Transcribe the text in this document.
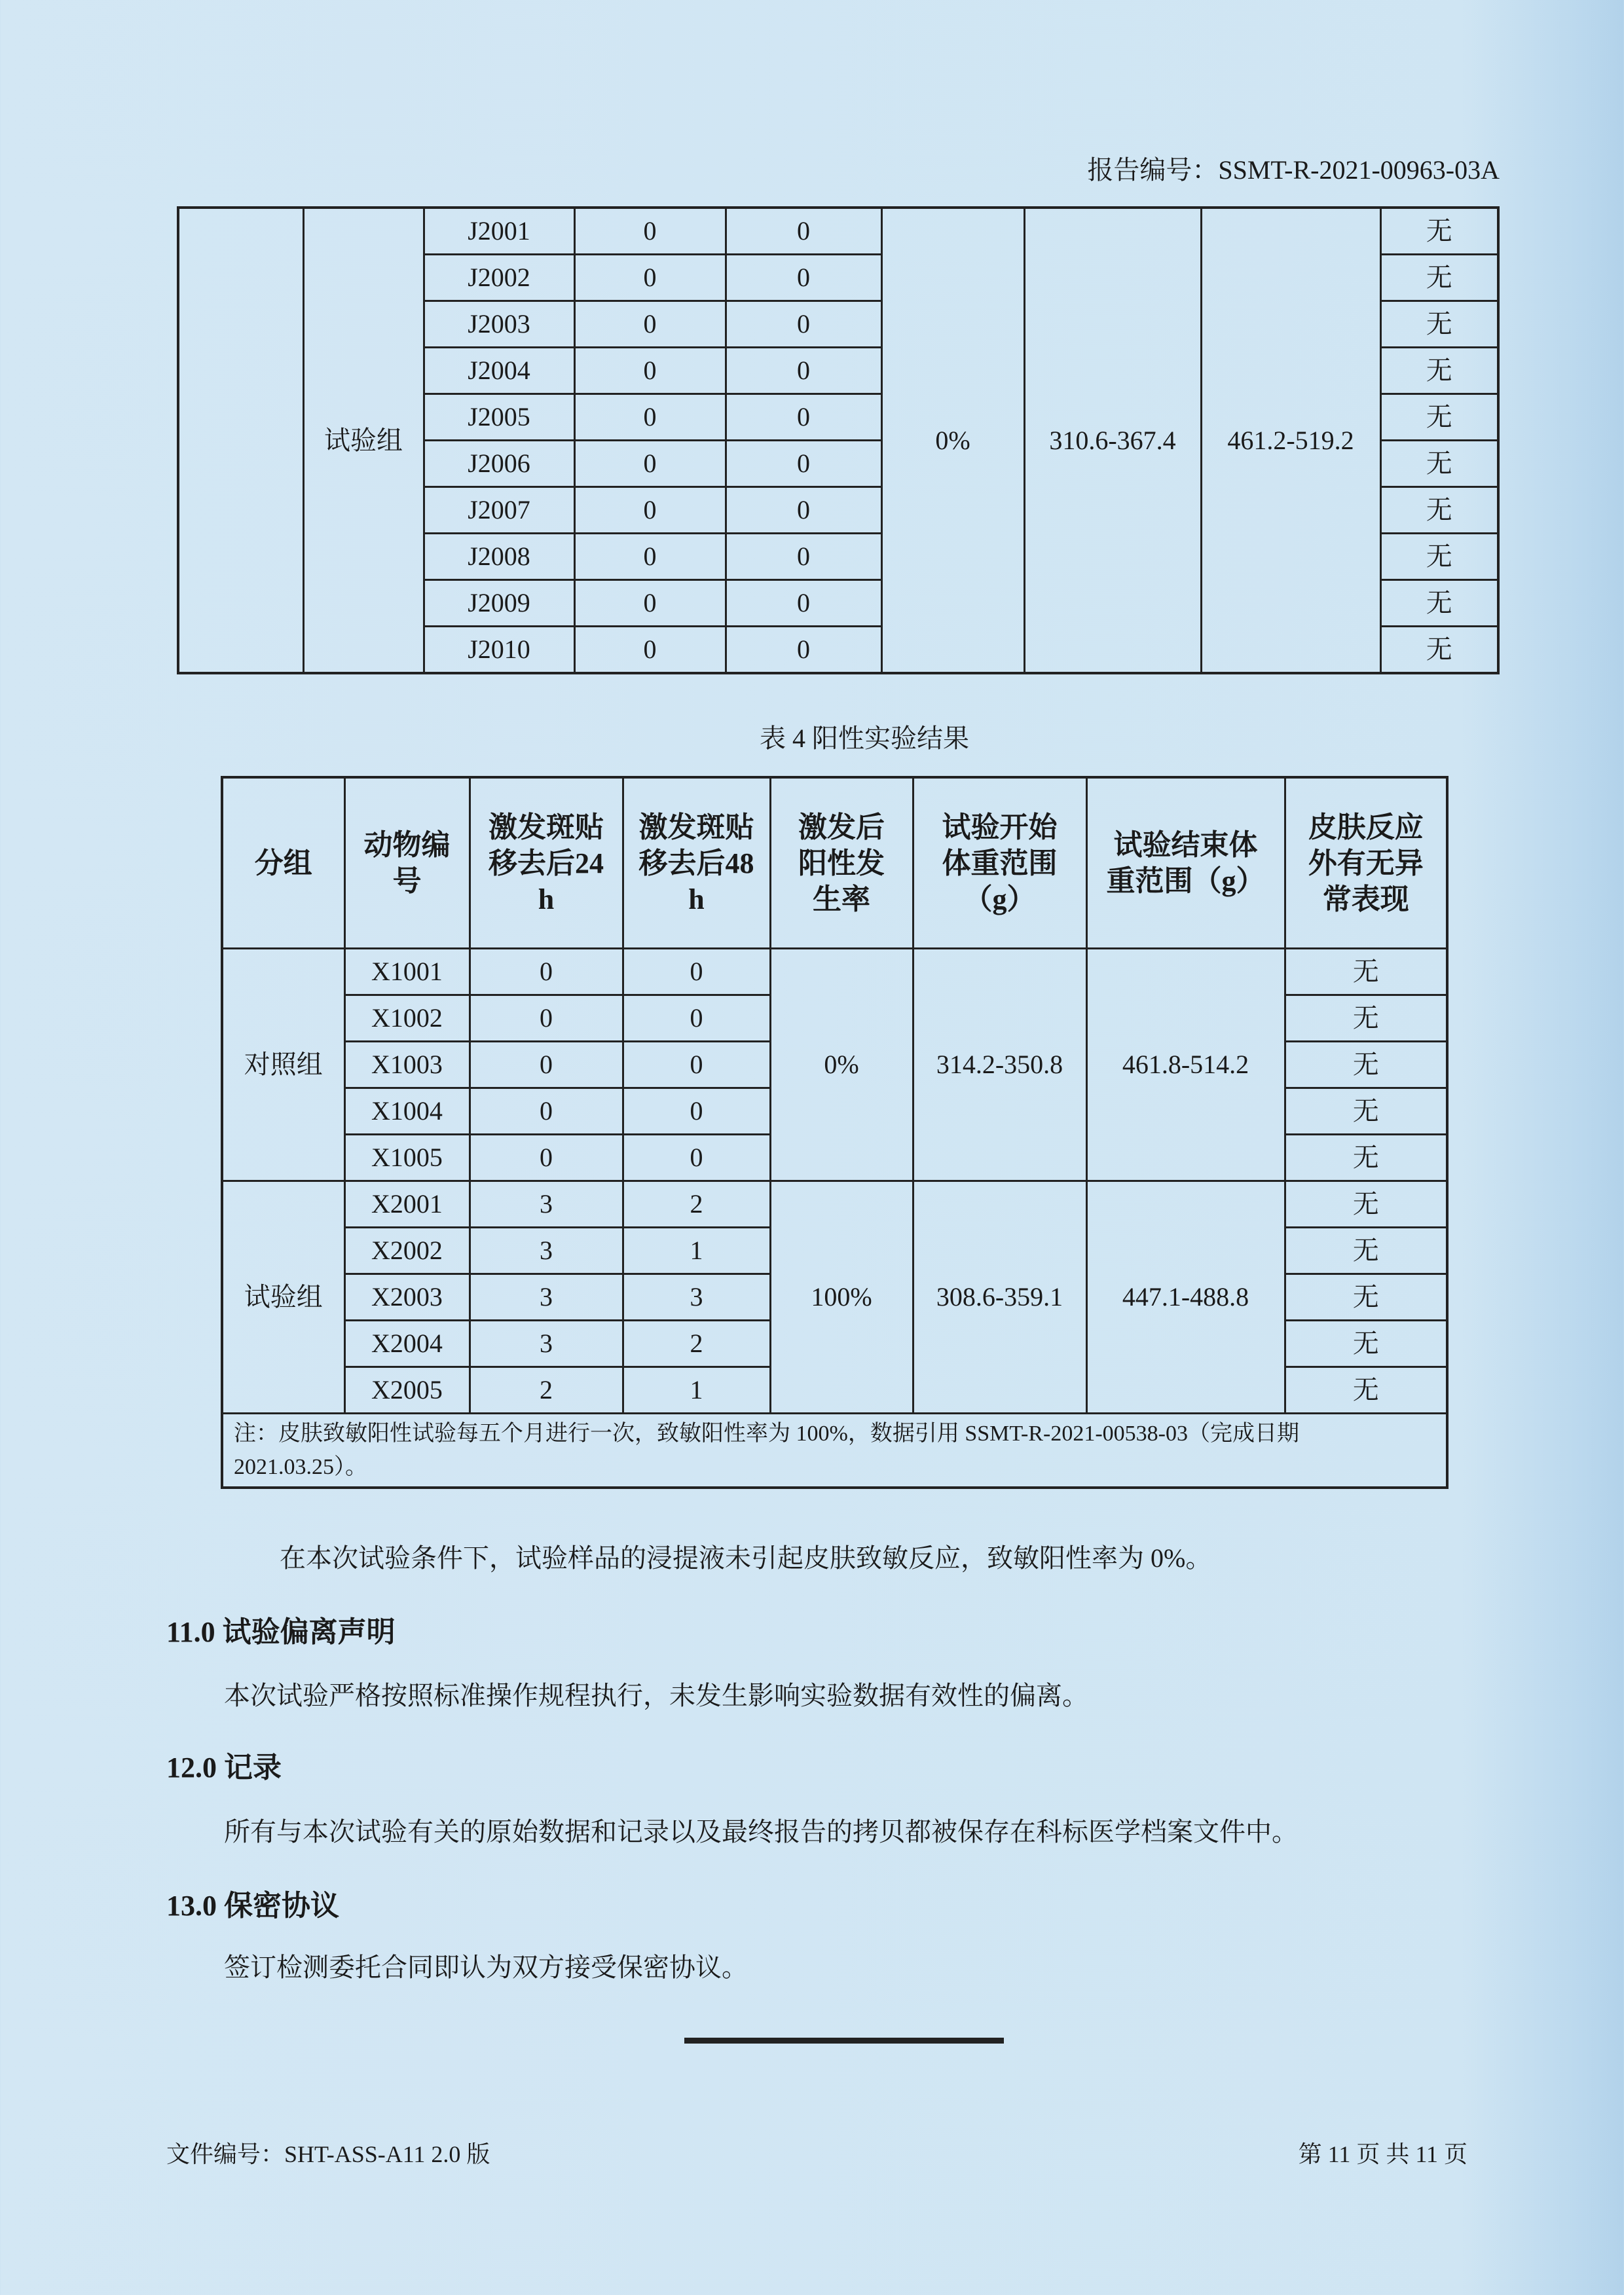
报告编号：SSMT-R-2021-00963-03A
	试验组	J2001	0	0	0%	310.6-367.4	461.2-519.2	无
		J2002	0	0				无
		J2003	0	0				无
		J2004	0	0				无
		J2005	0	0				无
		J2006	0	0				无
		J2007	0	0				无
		J2008	0	0				无
		J2009	0	0				无
		J2010	0	0				无
表 4 阳性实验结果
分组	动物编号	激发斑贴移去后24 h	激发斑贴移去后48 h	激发后阳性发生率	试验开始体重范围（g）	试验结束体重范围（g）	皮肤反应外有无异常表现
对照组	X1001	0	0	0%	314.2-350.8	461.8-514.2	无
	X1002	0	0				无
	X1003	0	0				无
	X1004	0	0				无
	X1005	0	0				无
试验组	X2001	3	2	100%	308.6-359.1	447.1-488.8	无
	X2002	3	1				无
	X2003	3	3				无
	X2004	3	2				无
	X2005	2	1				无
注：皮肤致敏阳性试验每五个月进行一次，致敏阳性率为 100%，数据引用 SSMT-R-2021-00538-03（完成日期 2021.03.25）。							
在本次试验条件下，试验样品的浸提液未引起皮肤致敏反应，致敏阳性率为 0%。
11.0 试验偏离声明
本次试验严格按照标准操作规程执行，未发生影响实验数据有效性的偏离。
12.0 记录
所有与本次试验有关的原始数据和记录以及最终报告的拷贝都被保存在科标医学档案文件中。
13.0 保密协议
签订检测委托合同即认为双方接受保密协议。
文件编号：SHT-ASS-A11 2.0 版	第 11 页 共 11 页
